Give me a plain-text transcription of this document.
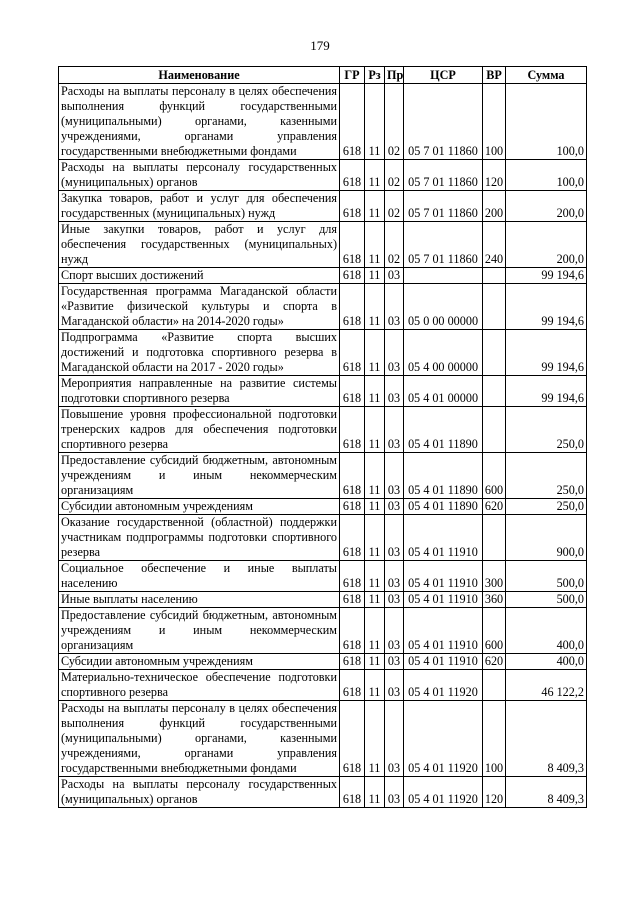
179
Наименование	ГР	Рз	Пр	ЦСР	ВР	Сумма
Расходы на выплаты персоналу в целях обеспечения выполнения функций государственными (муниципальными) органами, казенными учреждениями, органами управления государственными внебюджетными фондами	618	11	02	05 7 01 11860	100	100,0
Расходы на выплаты персоналу государственных (муниципальных) органов	618	11	02	05 7 01 11860	120	100,0
Закупка товаров, работ и услуг для обеспечения государственных (муниципальных) нужд	618	11	02	05 7 01 11860	200	200,0
Иные закупки товаров, работ и услуг для обеспечения государственных (муниципальных) нужд	618	11	02	05 7 01 11860	240	200,0
Спорт высших достижений	618	11	03			99 194,6
Государственная программа Магаданской области «Развитие физической культуры и спорта в Магаданской области» на 2014-2020 годы»	618	11	03	05 0 00 00000		99 194,6
Подпрограмма «Развитие спорта высших достижений и подготовка спортивного резерва в Магаданской области на 2017 - 2020 годы»	618	11	03	05 4 00 00000		99 194,6
Мероприятия направленные на развитие системы подготовки спортивного резерва	618	11	03	05 4 01 00000		99 194,6
Повышение уровня профессиональной подготовки тренерских кадров для обеспечения подготовки спортивного резерва	618	11	03	05 4 01 11890		250,0
Предоставление субсидий бюджетным, автономным учреждениям и иным некоммерческим организациям	618	11	03	05 4 01 11890	600	250,0
Субсидии автономным учреждениям	618	11	03	05 4 01 11890	620	250,0
Оказание государственной (областной) поддержки участникам подпрограммы подготовки спортивного резерва	618	11	03	05 4 01 11910		900,0
Социальное обеспечение и иные выплаты населению	618	11	03	05 4 01 11910	300	500,0
Иные выплаты населению	618	11	03	05 4 01 11910	360	500,0
Предоставление субсидий бюджетным, автономным учреждениям и иным некоммерческим организациям	618	11	03	05 4 01 11910	600	400,0
Субсидии автономным учреждениям	618	11	03	05 4 01 11910	620	400,0
Материально-техническое обеспечение подготовки спортивного резерва	618	11	03	05 4 01 11920		46 122,2
Расходы на выплаты персоналу в целях обеспечения выполнения функций государственными (муниципальными) органами, казенными учреждениями, органами управления государственными внебюджетными фондами	618	11	03	05 4 01 11920	100	8 409,3
Расходы на выплаты персоналу государственных (муниципальных) органов	618	11	03	05 4 01 11920	120	8 409,3
